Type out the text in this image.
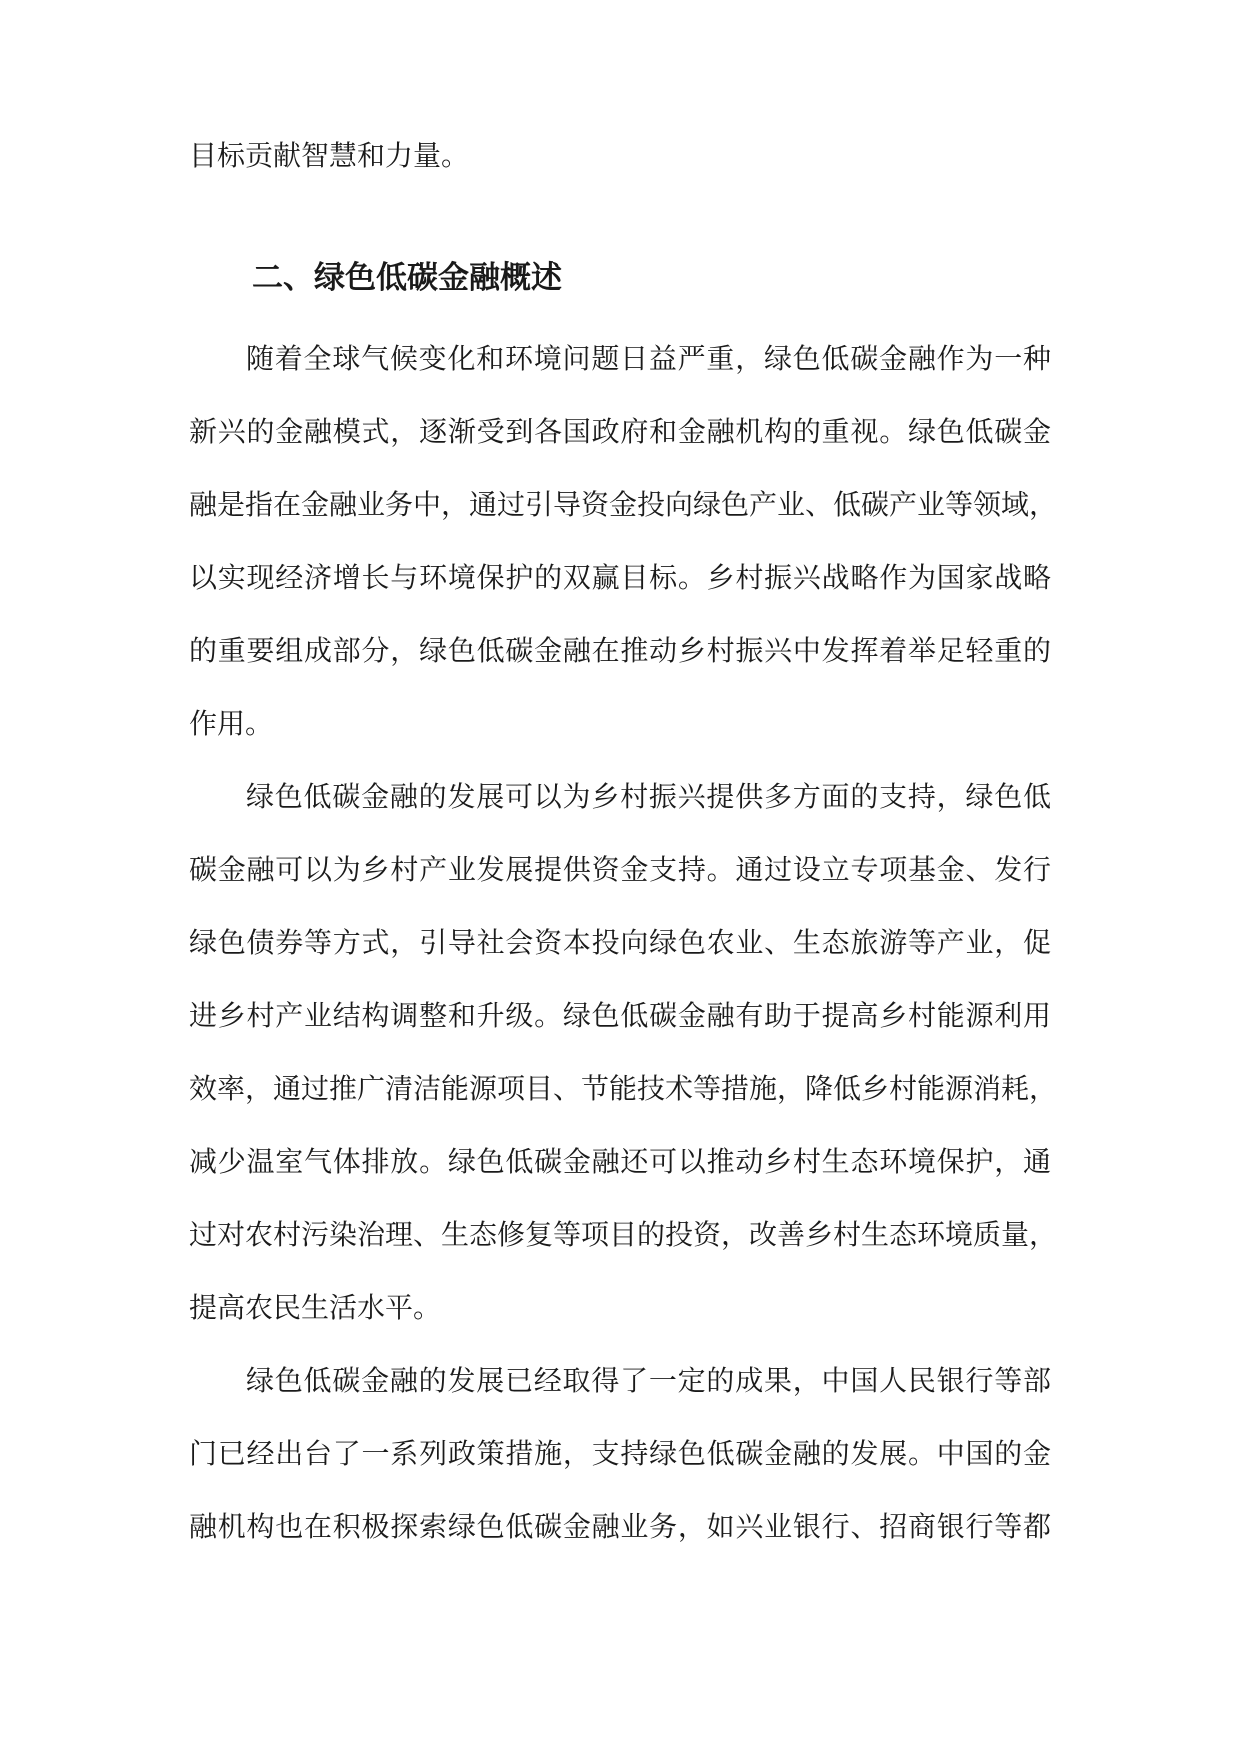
目标贡献智慧和力量。
二、绿色低碳金融概述
随着全球气候变化和环境问题日益严重，绿色低碳金融作为一种
新兴的金融模式，逐渐受到各国政府和金融机构的重视。绿色低碳金
融是指在金融业务中，通过引导资金投向绿色产业、低碳产业等领域，
以实现经济增长与环境保护的双赢目标。乡村振兴战略作为国家战略
的重要组成部分，绿色低碳金融在推动乡村振兴中发挥着举足轻重的
作用。
绿色低碳金融的发展可以为乡村振兴提供多方面的支持，绿色低
碳金融可以为乡村产业发展提供资金支持。通过设立专项基金、发行
绿色债券等方式，引导社会资本投向绿色农业、生态旅游等产业，促
进乡村产业结构调整和升级。绿色低碳金融有助于提高乡村能源利用
效率，通过推广清洁能源项目、节能技术等措施，降低乡村能源消耗，
减少温室气体排放。绿色低碳金融还可以推动乡村生态环境保护，通
过对农村污染治理、生态修复等项目的投资，改善乡村生态环境质量，
提高农民生活水平。
绿色低碳金融的发展已经取得了一定的成果，中国人民银行等部
门已经出台了一系列政策措施，支持绿色低碳金融的发展。中国的金
融机构也在积极探索绿色低碳金融业务，如兴业银行、招商银行等都
